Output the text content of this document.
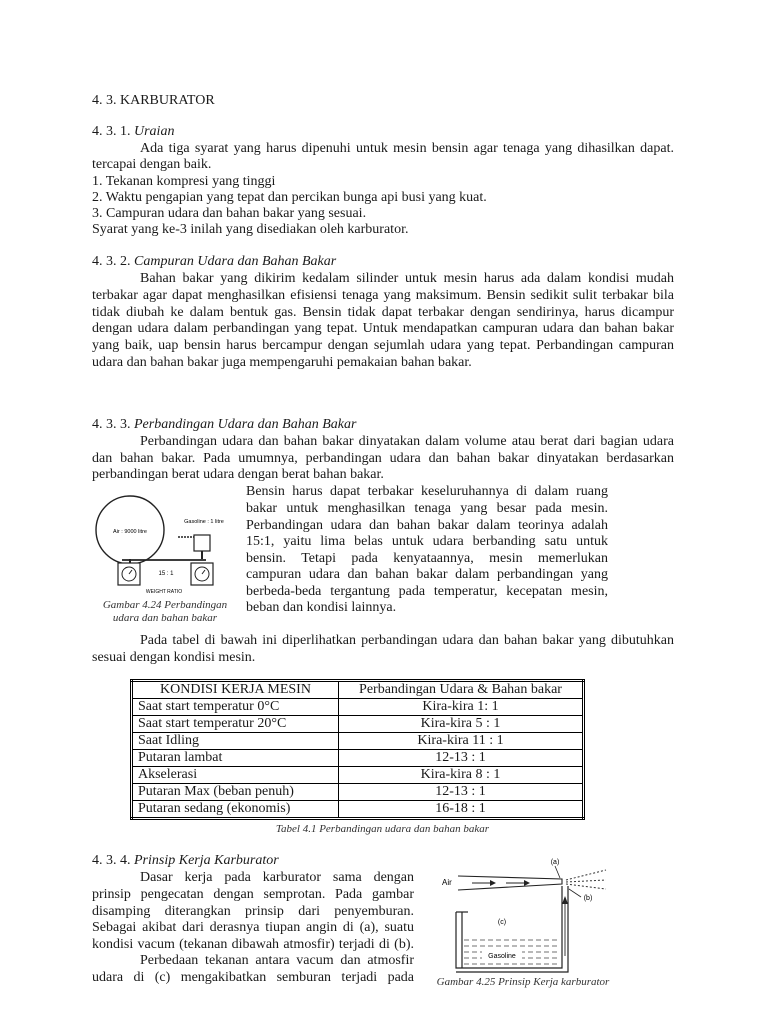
4. 3. KARBURATOR
4. 3. 1. Uraian
Ada tiga syarat yang harus dipenuhi untuk mesin bensin agar tenaga yang dihasilkan dapat.
tercapai dengan baik.
1. Tekanan kompresi yang tinggi
2. Waktu pengapian yang tepat dan percikan bunga api busi yang kuat.
3. Campuran udara dan bahan bakar yang sesuai.
Syarat yang ke-3 inilah yang disediakan oleh karburator.
4. 3. 2. Campuran Udara dan Bahan Bakar
Bahan bakar yang dikirim kedalam silinder untuk mesin harus ada dalam kondisi mudah
terbakar agar dapat menghasilkan efisiensi tenaga yang maksimum. Bensin sedikit sulit terbakar bila
tidak diubah ke dalam bentuk gas. Bensin tidak dapat terbakar dengan sendirinya, harus dicampur
dengan udara dalam perbandingan yang tepat. Untuk mendapatkan campuran udara dan bahan bakar
yang baik, uap bensin harus bercampur dengan sejumlah udara yang tepat. Perbandingan campuran
udara dan bahan bakar juga mempengaruhi pemakaian bahan bakar.
4. 3. 3. Perbandingan Udara dan Bahan Bakar
Perbandingan udara dan bahan bakar dinyatakan dalam volume atau berat dari bagian udara
dan bahan bakar. Pada umumnya, perbandingan udara dan bahan bakar dinyatakan berdasarkan
perbandingan berat udara dengan berat bahan bakar.
Bensin harus dapat terbakar keseluruhannya di dalam ruang
bakar untuk menghasilkan tenaga yang besar pada mesin.
Perbandingan udara dan bahan bakar dalam teorinya adalah
15:1, yaitu lima belas untuk udara berbanding satu untuk
bensin. Tetapi pada kenyataannya, mesin memerlukan
campuran udara dan bahan bakar dalam perbandingan yang
berbeda-beda tergantung pada temperatur, kecepatan mesin,
beban dan kondisi lainnya.
Air : 9000 litre
Gasoline : 1 litre
15 : 1
WEIGHT RATIO
Gambar 4.24 Perbandingan
udara dan bahan bakar
Pada tabel di bawah ini diperlihatkan perbandingan udara dan bahan bakar yang dibutuhkan
sesuai dengan kondisi mesin.
KONDISI KERJA MESIN	Perbandingan Udara & Bahan bakar
Saat start temperatur 0°C	Kira-kira 1: 1
Saat start temperatur 20°C	Kira-kira 5 : 1
Saat Idling	Kira-kira 11 : 1
Putaran lambat	12-13 : 1
Akselerasi	Kira-kira 8 : 1
Putaran Max (beban penuh)	12-13 : 1
Putaran sedang (ekonomis)	16-18 : 1
Tabel 4.1 Perbandingan udara dan bahan bakar
4. 3. 4. Prinsip Kerja Karburator
Dasar kerja pada karburator sama dengan
prinsip pengecatan dengan semprotan. Pada gambar
disamping diterangkan prinsip dari penyemburan.
Sebagai akibat dari derasnya tiupan angin di (a), suatu
kondisi vacum (tekanan dibawah atmosfir) terjadi di (b).
Perbedaan tekanan antara vacum dan atmosfir
udara di (c) mengakibatkan semburan terjadi pada
(a)
Air
(b)
(c)
Gasoline
Gambar 4.25 Prinsip Kerja karburator
